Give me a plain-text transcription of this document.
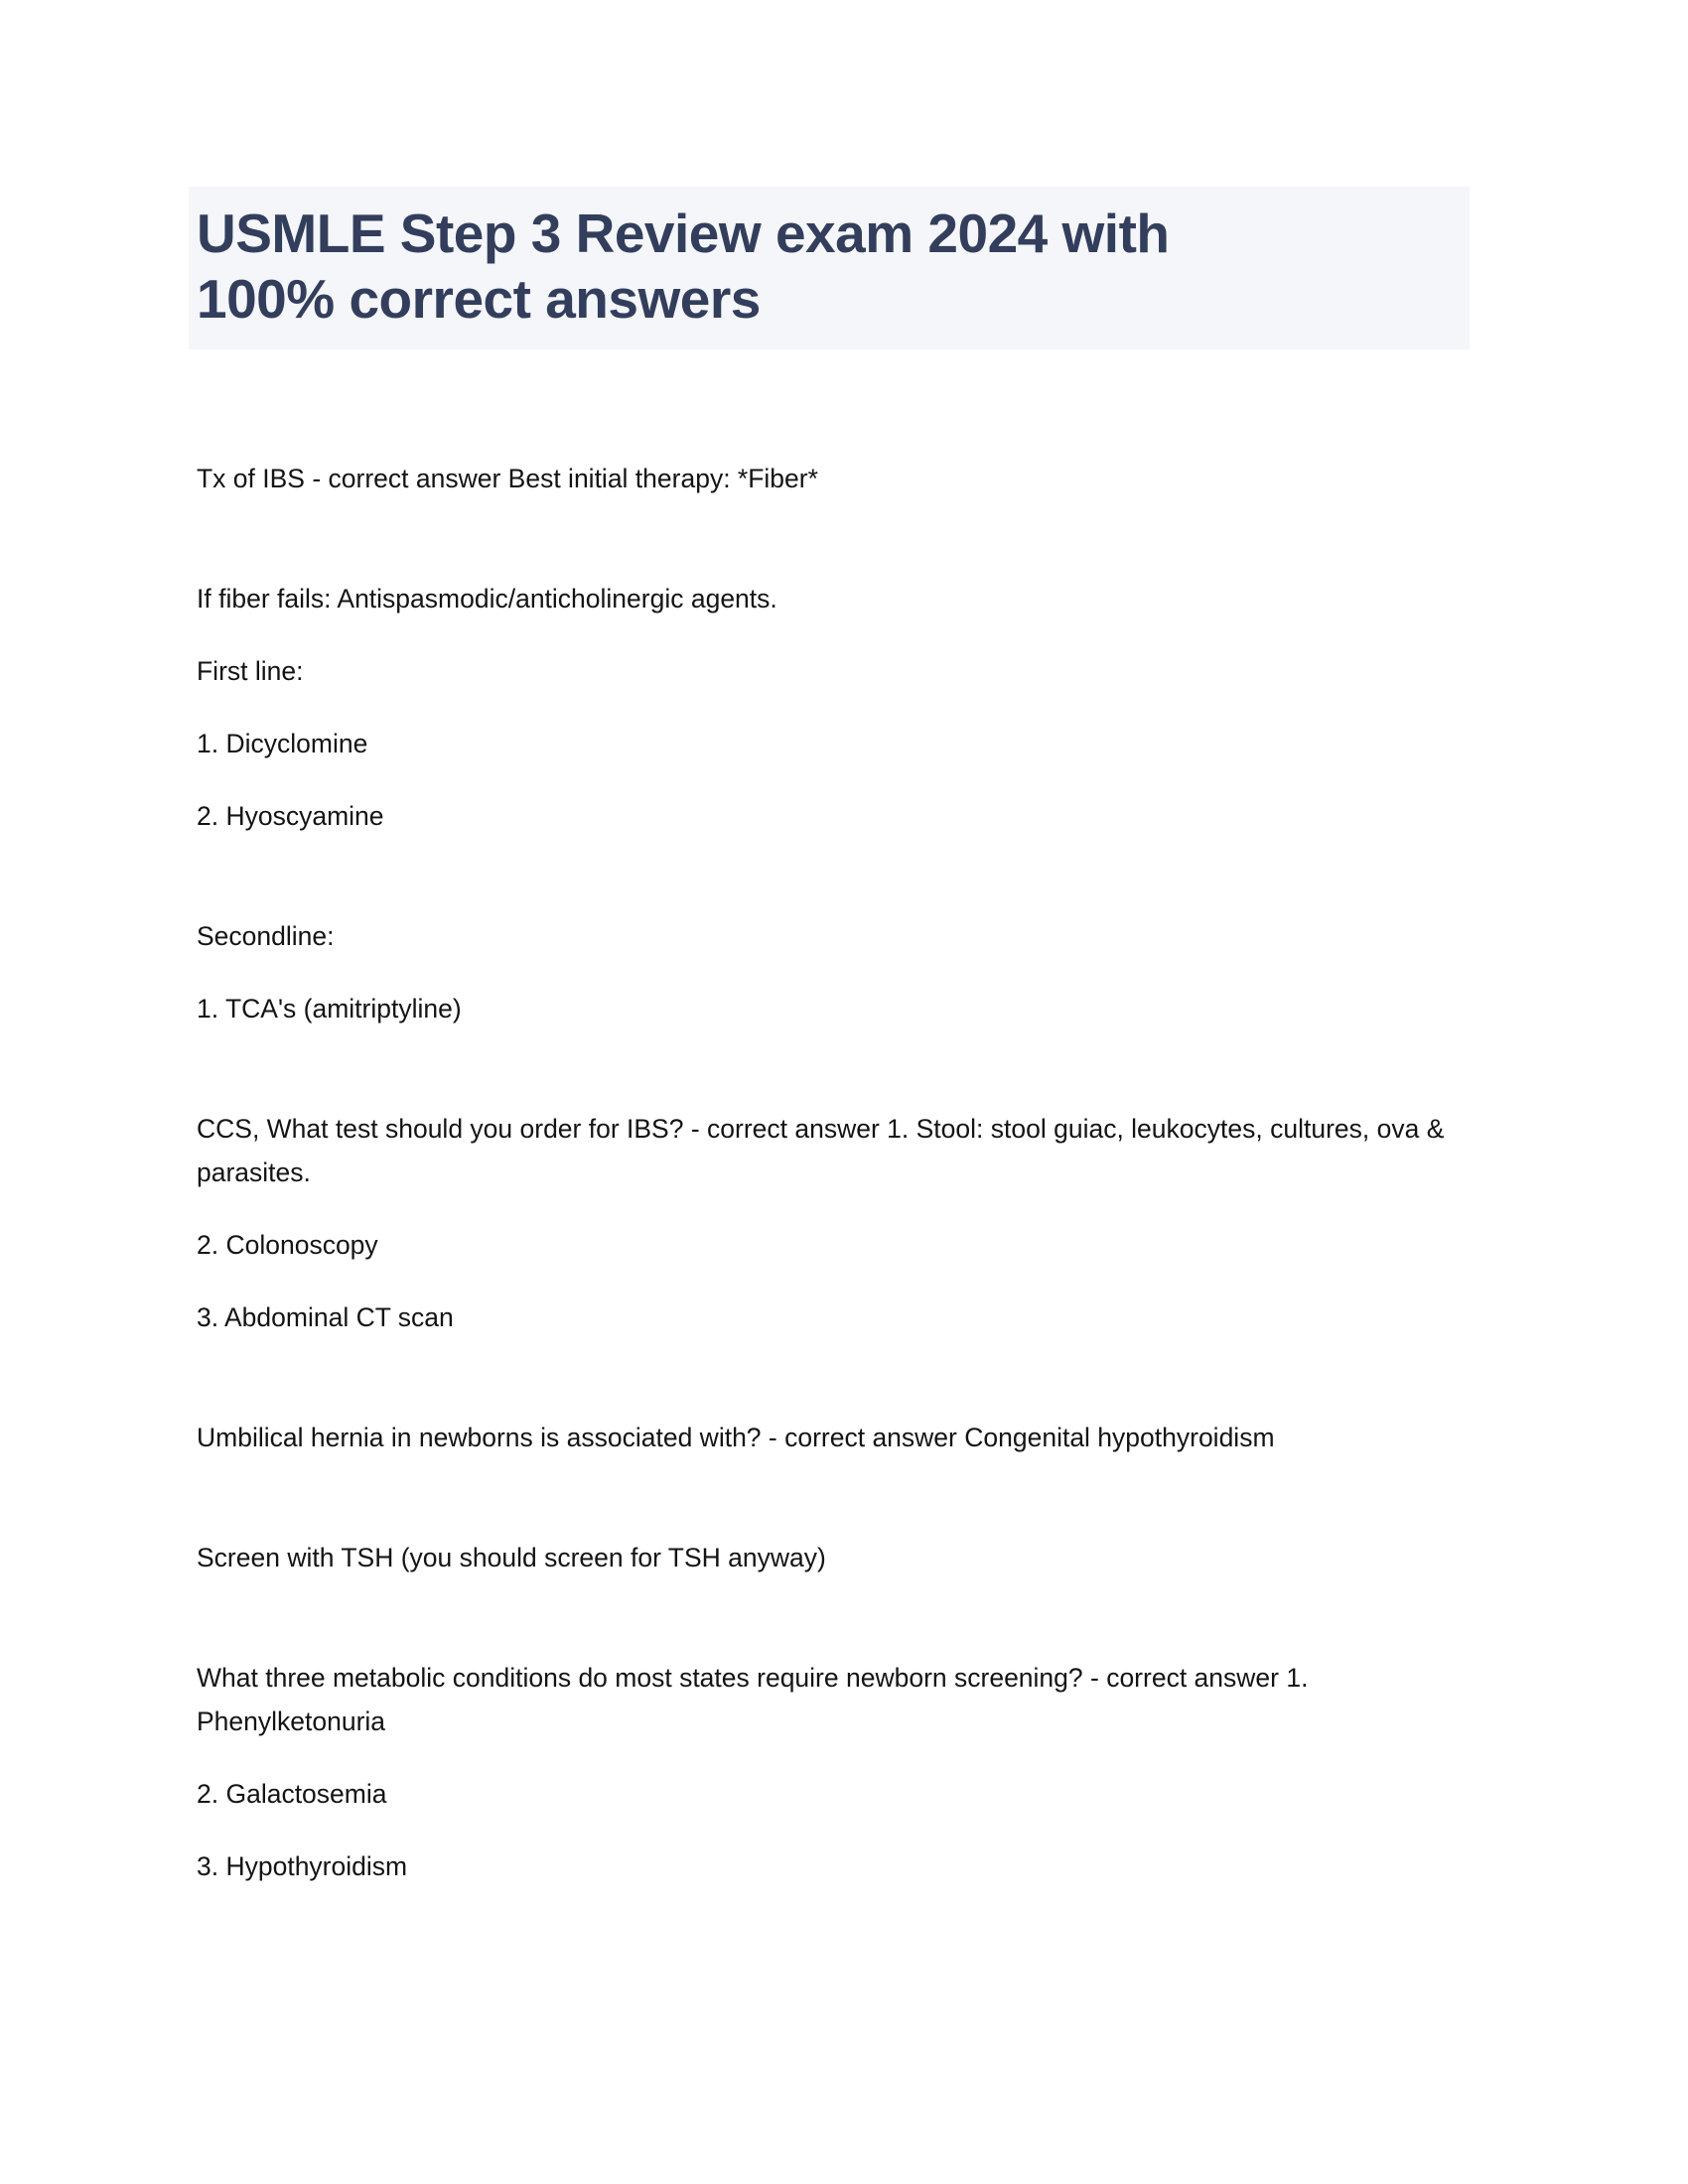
USMLE Step 3 Review exam 2024 with
100% correct answers

Tx of IBS - correct answer Best initial therapy: *Fiber*

If fiber fails: Antispasmodic/anticholinergic agents.

First line:

1. Dicyclomine

2. Hyoscyamine

Secondline:

1. TCA's (amitriptyline)

CCS, What test should you order for IBS? - correct answer 1. Stool: stool guiac, leukocytes, cultures, ova & parasites.

2. Colonoscopy

3. Abdominal CT scan

Umbilical hernia in newborns is associated with? - correct answer Congenital hypothyroidism

Screen with TSH (you should screen for TSH anyway)

What three metabolic conditions do most states require newborn screening? - correct answer 1. Phenylketonuria

2. Galactosemia

3. Hypothyroidism
